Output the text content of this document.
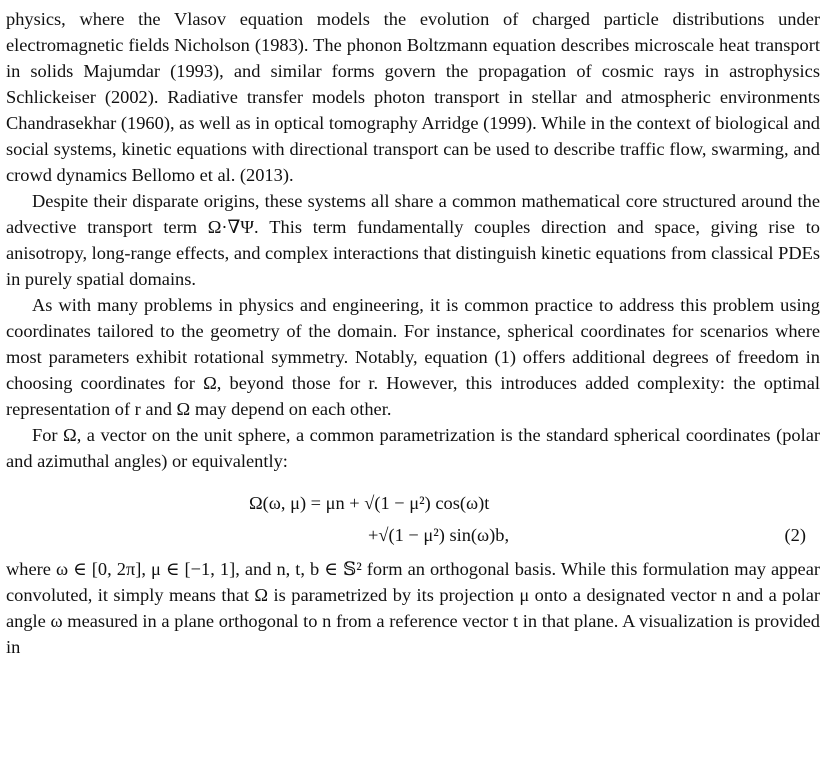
physics, where the Vlasov equation models the evolution of charged particle distributions under electromagnetic fields Nicholson (1983). The phonon Boltzmann equation describes microscale heat transport in solids Majumdar (1993), and similar forms govern the propagation of cosmic rays in astrophysics Schlickeiser (2002). Radiative transfer models photon transport in stellar and atmospheric environments Chandrasekhar (1960), as well as in optical tomography Arridge (1999). While in the context of biological and social systems, kinetic equations with directional transport can be used to describe traffic flow, swarming, and crowd dynamics Bellomo et al. (2013).

Despite their disparate origins, these systems all share a common mathematical core structured around the advective transport term Ω·∇Ψ. This term fundamentally couples direction and space, giving rise to anisotropy, long-range effects, and complex interactions that distinguish kinetic equations from classical PDEs in purely spatial domains.

As with many problems in physics and engineering, it is common practice to address this problem using coordinates tailored to the geometry of the domain. For instance, spherical coordinates for scenarios where most parameters exhibit rotational symmetry. Notably, equation (1) offers additional degrees of freedom in choosing coordinates for Ω, beyond those for r. However, this introduces added complexity: the optimal representation of r and Ω may depend on each other.

For Ω, a vector on the unit sphere, a common parametrization is the standard spherical coordinates (polar and azimuthal angles) or equivalently:

Ω(ω, μ) = μn + √(1 − μ²) cos(ω)t
+√(1 − μ²) sin(ω)b,	(2)

where ω ∈ [0, 2π], μ ∈ [−1, 1], and n, t, b ∈ 𝕊² form an orthogonal basis. While this formulation may appear convoluted, it simply means that Ω is parametrized by its projection μ onto a designated vector n and a polar angle ω measured in a plane orthogonal to n from a reference vector t in that plane. A visualization is provided in
